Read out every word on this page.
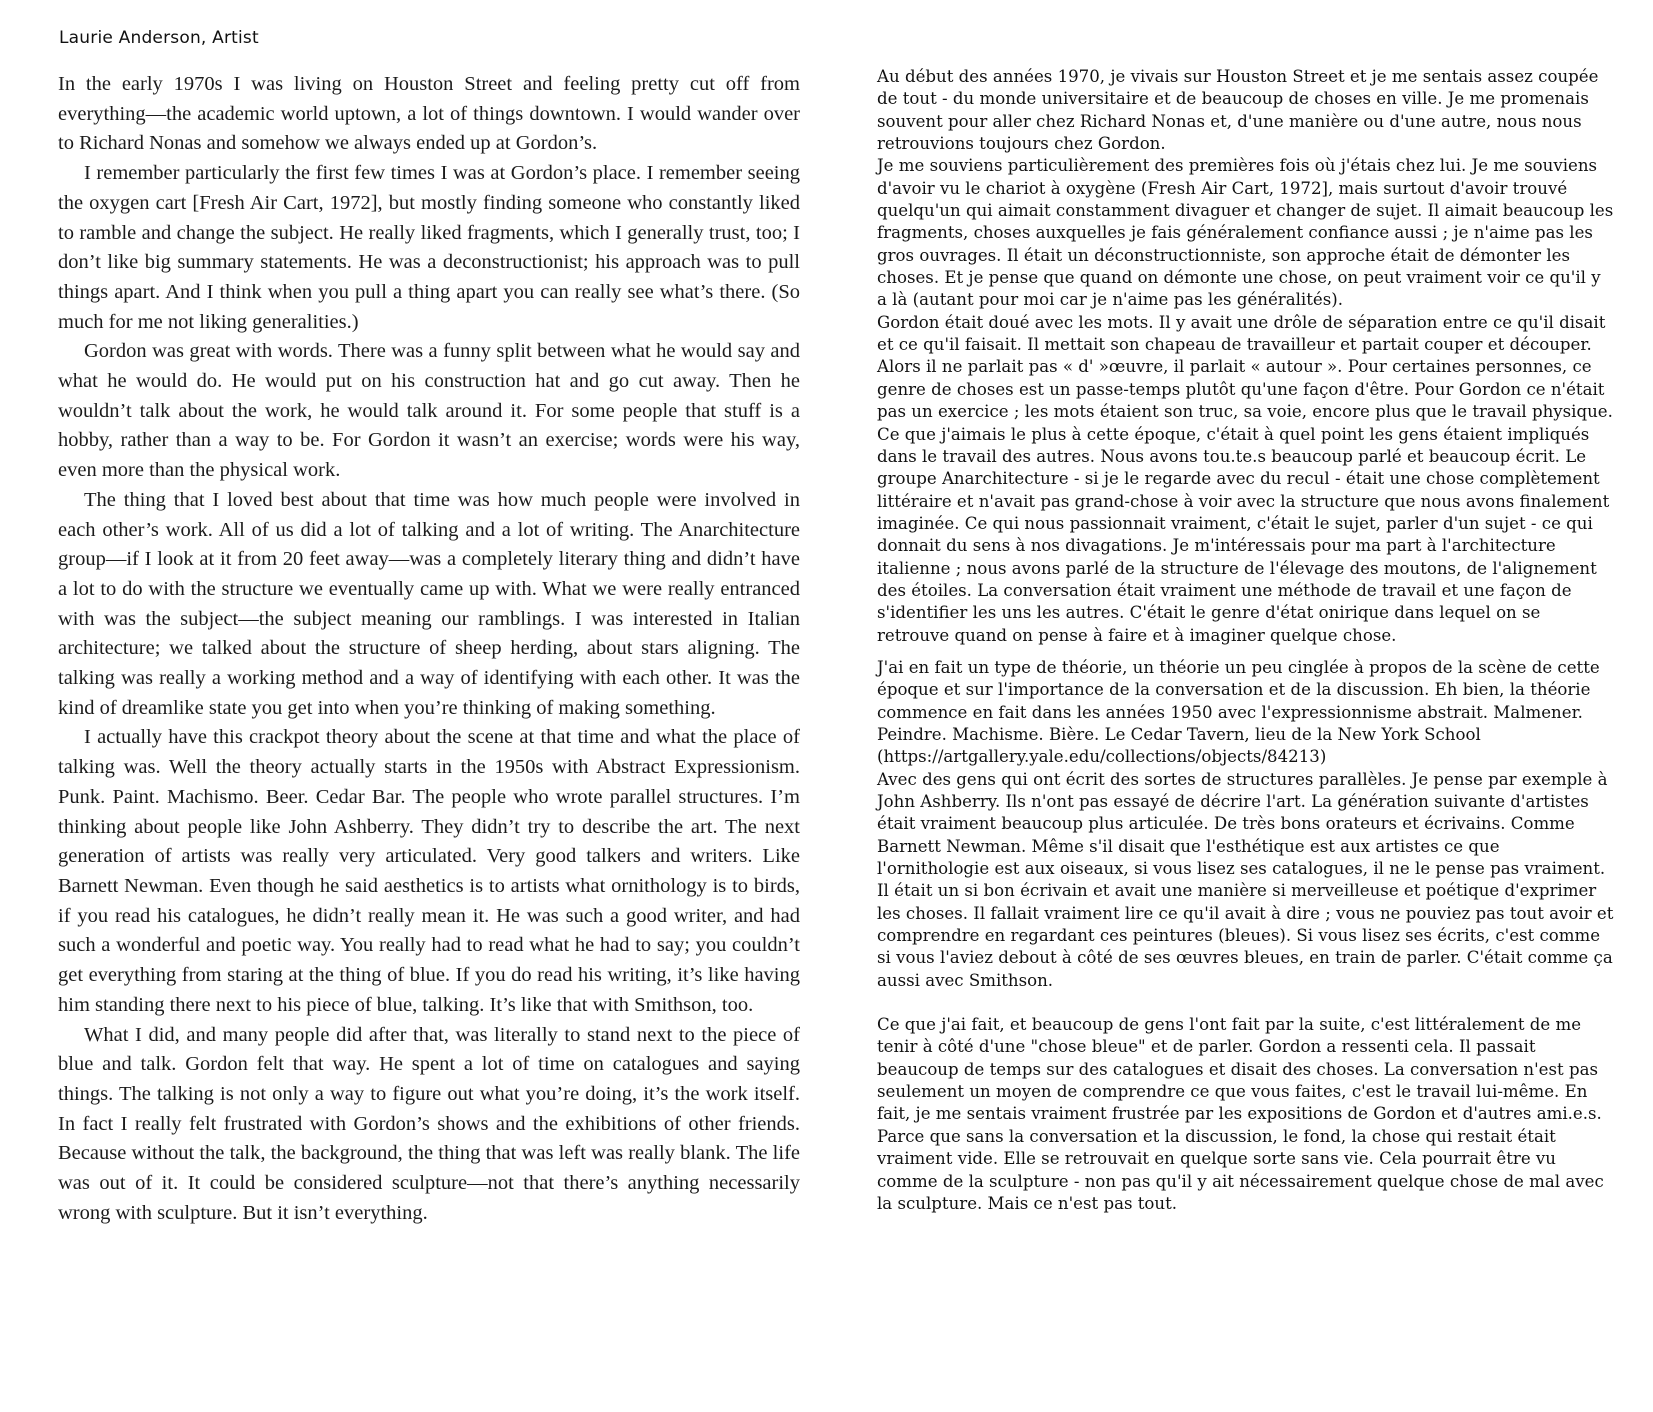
Laurie Anderson, Artist

In the early 1970s I was living on Houston Street and feeling pretty cut off from everything—the academic world uptown, a lot of things downtown. I would wander over to Richard Nonas and somehow we always ended up at Gordon’s.

I remember particularly the first few times I was at Gordon’s place. I remember seeing the oxygen cart [Fresh Air Cart, 1972], but mostly finding someone who constantly liked to ramble and change the subject. He really liked fragments, which I generally trust, too; I don’t like big summary statements. He was a deconstructionist; his approach was to pull things apart. And I think when you pull a thing apart you can really see what’s there. (So much for me not liking generalities.)

Gordon was great with words. There was a funny split between what he would say and what he would do. He would put on his construction hat and go cut away. Then he wouldn’t talk about the work, he would talk around it. For some people that stuff is a hobby, rather than a way to be. For Gordon it wasn’t an exercise; words were his way, even more than the physical work.

The thing that I loved best about that time was how much people were involved in each other’s work. All of us did a lot of talking and a lot of writing. The Anarchitecture group—if I look at it from 20 feet away—was a completely literary thing and didn’t have a lot to do with the structure we eventually came up with. What we were really entranced with was the subject—the subject meaning our ramblings. I was interested in Italian architecture; we talked about the structure of sheep herding, about stars aligning. The talking was really a working method and a way of identifying with each other. It was the kind of dreamlike state you get into when you’re thinking of making something.

I actually have this crackpot theory about the scene at that time and what the place of talking was. Well the theory actually starts in the 1950s with Abstract Expressionism. Punk. Paint. Machismo. Beer. Cedar Bar. The people who wrote parallel structures. I’m thinking about people like John Ashberry. They didn’t try to describe the art. The next generation of artists was really very articulated. Very good talkers and writers. Like Barnett Newman. Even though he said aesthetics is to artists what ornithology is to birds, if you read his catalogues, he didn’t really mean it. He was such a good writer, and had such a wonderful and poetic way. You really had to read what he had to say; you couldn’t get everything from staring at the thing of blue. If you do read his writing, it’s like having him standing there next to his piece of blue, talking. It’s like that with Smithson, too.

What I did, and many people did after that, was literally to stand next to the piece of blue and talk. Gordon felt that way. He spent a lot of time on catalogues and saying things. The talking is not only a way to figure out what you’re doing, it’s the work itself. In fact I really felt frustrated with Gordon’s shows and the exhibitions of other friends. Because without the talk, the background, the thing that was left was really blank. The life was out of it. It could be considered sculpture—not that there’s anything necessarily wrong with sculpture. But it isn’t everything.

Au début des années 1970, je vivais sur Houston Street et je me sentais assez coupée de tout - du monde universitaire et de beaucoup de choses en ville. Je me promenais souvent pour aller chez Richard Nonas et, d'une manière ou d'une autre, nous nous retrouvions toujours chez Gordon.

Je me souviens particulièrement des premières fois où j'étais chez lui. Je me souviens d'avoir vu le chariot à oxygène (Fresh Air Cart, 1972], mais surtout d'avoir trouvé quelqu'un qui aimait constamment divaguer et changer de sujet. Il aimait beaucoup les fragments, choses auxquelles je fais généralement confiance aussi ; je n'aime pas les gros ouvrages. Il était un déconstructionniste, son approche était de démonter les choses. Et je pense que quand on démonte une chose, on peut vraiment voir ce qu'il y a là (autant pour moi car je n'aime pas les généralités).

Gordon était doué avec les mots. Il y avait une drôle de séparation entre ce qu'il disait et ce qu'il faisait. Il mettait son chapeau de travailleur et partait couper et découper. Alors il ne parlait pas « d' »œuvre, il parlait « autour ». Pour certaines personnes, ce genre de choses est un passe-temps plutôt qu'une façon d'être. Pour Gordon ce n'était pas un exercice ; les mots étaient son truc, sa voie, encore plus que le travail physique.

Ce que j'aimais le plus à cette époque, c'était à quel point les gens étaient impliqués dans le travail des autres. Nous avons tou.te.s beaucoup parlé et beaucoup écrit. Le groupe Anarchitecture - si je le regarde avec du recul - était une chose complètement littéraire et n'avait pas grand-chose à voir avec la structure que nous avons finalement imaginée. Ce qui nous passionnait vraiment, c'était le sujet, parler d'un sujet - ce qui donnait du sens à nos divagations. Je m'intéressais pour ma part à l'architecture italienne ; nous avons parlé de la structure de l'élevage des moutons, de l'alignement des étoiles. La conversation était vraiment une méthode de travail et une façon de s'identifier les uns les autres. C'était le genre d'état onirique dans lequel on se retrouve quand on pense à faire et à imaginer quelque chose.

J'ai en fait un type de théorie, un théorie un peu cinglée à propos de la scène de cette époque et sur l'importance de la conversation et de la discussion. Eh bien, la théorie commence en fait dans les années 1950 avec l'expressionnisme abstrait. Malmener. Peindre. Machisme. Bière. Le Cedar Tavern, lieu de la New York School (https://artgallery.yale.edu/collections/objects/84213)

Avec des gens qui ont écrit des sortes de structures parallèles. Je pense par exemple à John Ashberry. Ils n'ont pas essayé de décrire l'art. La génération suivante d'artistes était vraiment beaucoup plus articulée. De très bons orateurs et écrivains. Comme Barnett Newman. Même s'il disait que l'esthétique est aux artistes ce que l'ornithologie est aux oiseaux, si vous lisez ses catalogues, il ne le pense pas vraiment. Il était un si bon écrivain et avait une manière si merveilleuse et poétique d'exprimer les choses. Il fallait vraiment lire ce qu'il avait à dire ; vous ne pouviez pas tout avoir et comprendre en regardant ces peintures (bleues). Si vous lisez ses écrits, c'est comme si vous l'aviez debout à côté de ses œuvres bleues, en train de parler. C'était comme ça aussi avec Smithson.

Ce que j'ai fait, et beaucoup de gens l'ont fait par la suite, c'est littéralement de me tenir à côté d'une "chose bleue" et de parler. Gordon a ressenti cela. Il passait beaucoup de temps sur des catalogues et disait des choses. La conversation n'est pas seulement un moyen de comprendre ce que vous faites, c'est le travail lui-même. En fait, je me sentais vraiment frustrée par les expositions de Gordon et d'autres ami.e.s. Parce que sans la conversation et la discussion, le fond, la chose qui restait était vraiment vide. Elle se retrouvait en quelque sorte sans vie. Cela pourrait être vu comme de la sculpture - non pas qu'il y ait nécessairement quelque chose de mal avec la sculpture. Mais ce n'est pas tout.
